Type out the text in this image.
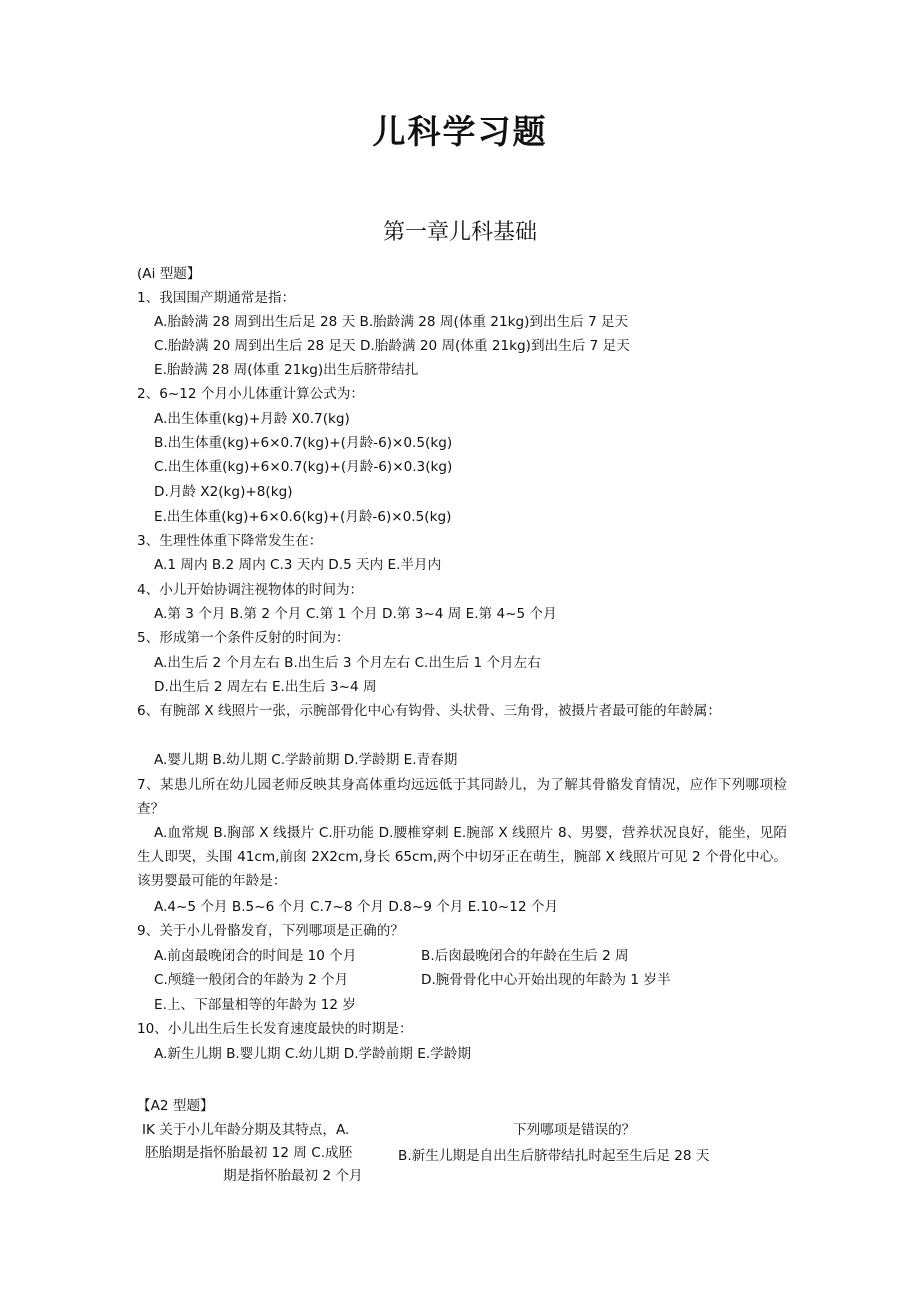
儿科学习题
第一章儿科基础
(Ai 型题】
1、我国围产期通常是指：
A.胎龄满 28 周到出生后足 28 天 B.胎龄满 28 周(体重 21kg)到出生后 7 足天
C.胎龄满 20 周到出生后 28 足天 D.胎龄满 20 周(体重 21kg)到出生后 7 足天
E.胎龄满 28 周(体重 21kg)出生后脐带结扎
2、6~12 个月小儿体重计算公式为：
A.出生体重(kg)+月龄 X0.7(kg)
B.出生体重(kg)+6×0.7(kg)+(月龄-6)×0.5(kg)
C.出生体重(kg)+6×0.7(kg)+(月龄-6)×0.3(kg)
D.月龄 X2(kg)+8(kg)
E.出生体重(kg)+6×0.6(kg)+(月龄-6)×0.5(kg)
3、生理性体重下降常发生在：
A.1 周内 B.2 周内 C.3 天内 D.5 天内 E.半月内
4、小儿开始协调注视物体的时间为：
A.第 3 个月 B.第 2 个月 C.第 1 个月 D.第 3~4 周 E.第 4~5 个月
5、形成第一个条件反射的时间为：
A.出生后 2 个月左右 B.出生后 3 个月左右 C.出生后 1 个月左右
D.出生后 2 周左右 E.出生后 3~4 周
6、有腕部 X 线照片一张，示腕部骨化中心有钩骨、头状骨、三角骨，被摄片者最可能的年龄属：
A.婴儿期 B.幼儿期 C.学龄前期 D.学龄期 E.青春期
7、某患儿所在幼儿园老师反映其身高体重均远远低于其同龄儿，为了解其骨骼发育情况，应作下列哪项检查？
A.血常规 B.胸部 X 线摄片 C.肝功能 D.腰椎穿刺 E.腕部 X 线照片 8、男婴，营养状况良好，能坐，见陌生人即哭，头围 41cm,前囱 2X2cm,身长 65cm,两个中切牙正在萌生，腕部 X 线照片可见 2 个骨化中心。该男婴最可能的年龄是：
A.4~5 个月 B.5~6 个月 C.7~8 个月 D.8~9 个月 E.10~12 个月
9、关于小儿骨骼发育，下列哪项是正确的？
A.前卤最晚闭合的时间是 10 个月	B.后囱最晚闭合的年龄在生后 2 周
C.颅缝一般闭合的年龄为 2 个月	D.腕骨骨化中心开始出现的年龄为 1 岁半
E.上、下部量相等的年龄为 12 岁
10、小儿出生后生长发育速度最快的时期是：
A.新生儿期 B.婴儿期 C.幼儿期 D.学龄前期 E.学龄期
【A2 型题】
IK 关于小儿年龄分期及其特点，A.	下列哪项是错误的？
胚胎期是指怀胎最初 12 周 C.成胚	B.新生儿期是自出生后脐带结扎时起至生后足 28 天
期是指怀胎最初 2 个月
